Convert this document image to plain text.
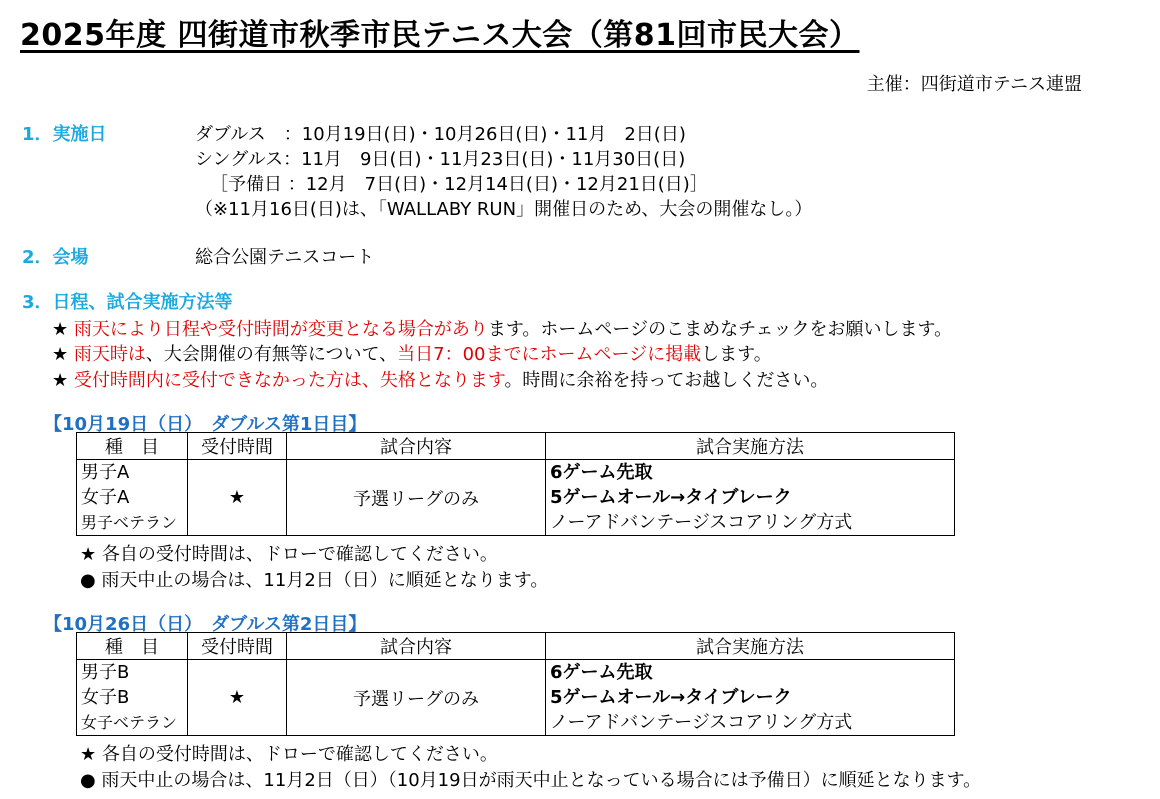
2025年度 四街道市秋季市民テニス大会（第81回市民大会）
主催：四街道市テニス連盟
1．実施日	ダブルス　：10月19日(日)・10月26日(日)・11月　2日(日)
シングルス：11月　9日(日)・11月23日(日)・11月30日(日)
［予備日 ：12月　7日(日)・12月14日(日)・12月21日(日)］
（※11月16日(日)は、「WALLABY RUN」開催日のため、大会の開催なし。）
2．会場	総合公園テニスコート
3．日程、試合実施方法等
★ 雨天により日程や受付時間が変更となる場合があります。ホームページのこまめなチェックをお願いします。
★ 雨天時は、大会開催の有無等について、当日7：00までにホームページに掲載します。
★ 受付時間内に受付できなかった方は、失格となります。時間に余裕を持ってお越しください。
【10月19日（日）　ダブルス第1日目】
種　目	受付時間	試合内容	試合実施方法

男子A
女子A
男子ベテラン	★	予選リーグのみ	6ゲーム先取
5ゲームオール→タイブレーク
ノーアドバンテージスコアリング方式
★ 各自の受付時間は、ドローで確認してください。
● 雨天中止の場合は、11月2日（日）に順延となります。
【10月26日（日）　ダブルス第2日目】
種　目	受付時間	試合内容	試合実施方法

男子B
女子B
女子ベテラン	★	予選リーグのみ	6ゲーム先取
5ゲームオール→タイブレーク
ノーアドバンテージスコアリング方式
★ 各自の受付時間は、ドローで確認してください。
● 雨天中止の場合は、11月2日（日）（10月19日が雨天中止となっている場合には予備日）に順延となります。
